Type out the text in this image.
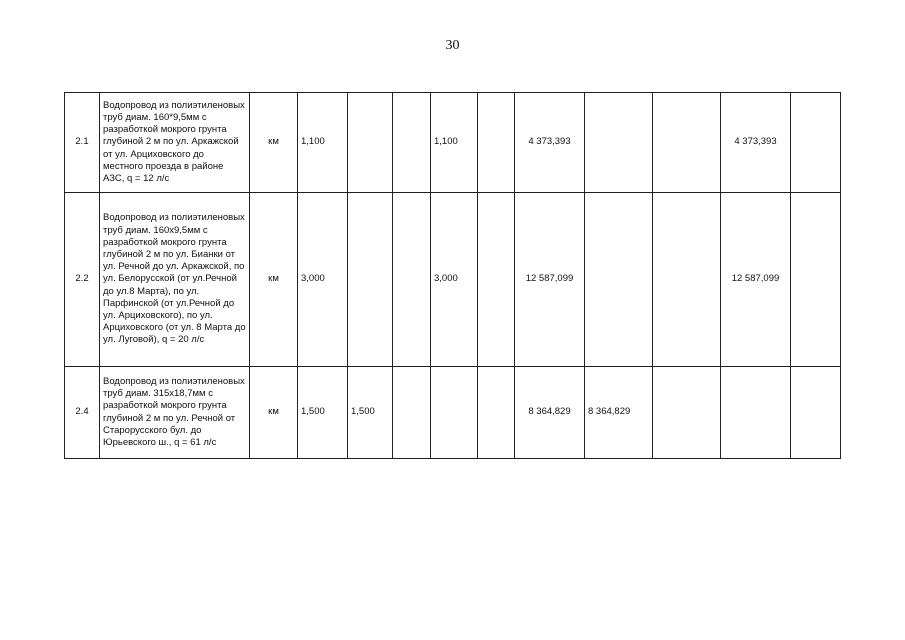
30
2.1	Водопровод из полиэтиленовых труб диам. 160*9,5мм с разработкой мокрого грунта глубиной 2 м по ул. Аркажской от ул. Арциховского до местного проезда в районе АЗС, q = 12 л/с	км	1,100			1,100		4 373,393			4 373,393	
2.2	Водопровод из полиэтиленовых труб диам. 160х9,5мм с разработкой мокрого грунта глубиной 2 м по ул. Бианки от ул. Речной до ул. Аркажской, по ул. Белорусской (от ул.Речной до ул.8 Марта), по ул. Парфинской (от ул.Речной до ул. Арциховского), по ул. Арциховского (от ул. 8 Марта до ул. Луговой), q = 20 л/с	км	3,000			3,000		12 587,099			12 587,099	
2.4	Водопровод из полиэтиленовых труб диам. 315х18,7мм с разработкой мокрого грунта глубиной 2 м по ул. Речной от Старорусского бул. до Юрьевского ш., q = 61 л/с	км	1,500	1,500				8 364,829	8 364,829			
